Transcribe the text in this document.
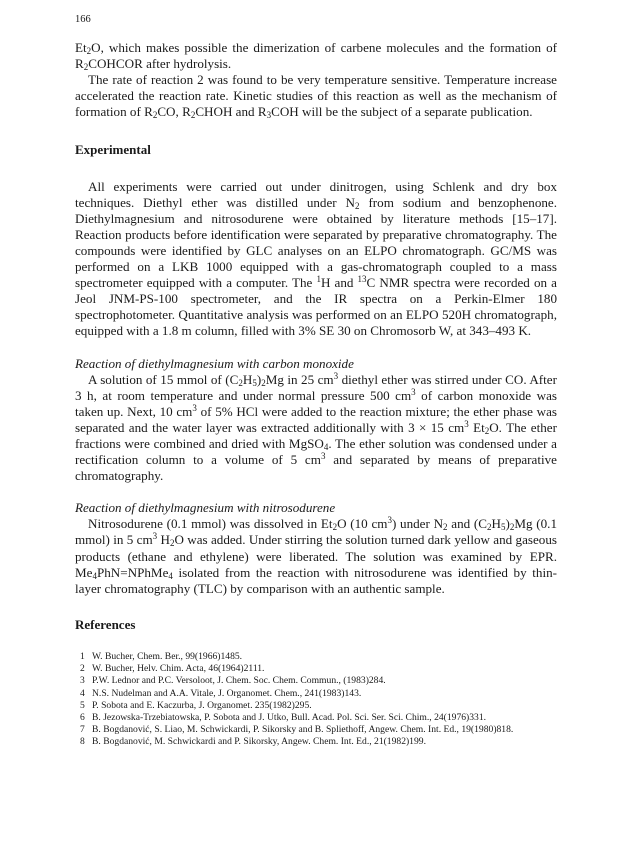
166

$Et_2O$, which makes possible the dimerization of carbene molecules and the formation of $R_2COHCOR$ after hydrolysis.

The rate of reaction 2 was found to be very temperature sensitive. Temperature increase accelerated the reaction rate. Kinetic studies of this reaction as well as the mechanism of formation of $R_2CO$, $R_2CHOH$ and $R_3COH$ will be the subject of a separate publication.

Experimental

All experiments were carried out under dinitrogen, using Schlenk and dry box techniques. Diethyl ether was distilled under $N_2$ from sodium and benzophenone. Diethylmagnesium and nitrosodurene were obtained by literature methods [15–17]. Reaction products before identification were separated by preparative chromatography. The compounds were identified by GLC analyses on an ELPO chromatograph. GC/MS was performed on a LKB 1000 equipped with a gas-chromatograph coupled to a mass spectrometer equipped with a computer. The $^1$H and $^{13}$C NMR spectra were recorded on a Jeol JNM-PS-100 spectrometer, and the IR spectra on a Perkin-Elmer 180 spectrophotometer. Quantitative analysis was performed on an ELPO 520H chromatograph, equipped with a 1.8 m column, filled with 3% SE 30 on Chromosorb W, at 343–493 K.

Reaction of diethylmagnesium with carbon monoxide

A solution of 15 mmol of $(C_2H_5)_2Mg$ in 25 $cm^3$ diethyl ether was stirred under CO. After 3 h, at room temperature and under normal pressure 500 $cm^3$ of carbon monoxide was taken up. Next, 10 $cm^3$ of 5% HCl were added to the reaction mixture; the ether phase was separated and the water layer was extracted additionally with 3 × 15 $cm^3$ $Et_2O$. The ether fractions were combined and dried with MgSO$_4$. The ether solution was condensed under a rectification column to a volume of 5 $cm^3$ and separated by means of preparative chromatography.

Reaction of diethylmagnesium with nitrosodurene

Nitrosodurene (0.1 mmol) was dissolved in $Et_2O$ (10 $cm^3$) under $N_2$ and $(C_2H_5)_2Mg$ (0.1 mmol) in 5 $cm^3$ $H_2O$ was added. Under stirring the solution turned dark yellow and gaseous products (ethane and ethylene) were liberated. The solution was examined by EPR. $Me_4PhN=NPhMe_4$ isolated from the reaction with nitrosodurene was identified by thin-layer chromatography (TLC) by comparison with an authentic sample.

References
1 W. Bucher, Chem. Ber., 99(1966)1485.
2 W. Bucher, Helv. Chim. Acta, 46(1964)2111.
3 P.W. Lednor and P.C. Versoloot, J. Chem. Soc. Chem. Commun., (1983)284.
4 N.S. Nudelman and A.A. Vitale, J. Organomet. Chem., 241(1983)143.
5 P. Sobota and E. Kaczurba, J. Organomet. 235(1982)295.
6 B. Jezowska-Trzebiatowska, P. Sobota and J. Utko, Bull. Acad. Pol. Sci. Ser. Sci. Chim., 24(1976)331.
7 B. Bogdanović, S. Liao, M. Schwickardi, P. Sikorsky and B. Spliethoff, Angew. Chem. Int. Ed., 19(1980)818.
8 B. Bogdanović, M. Schwickardi and P. Sikorsky, Angew. Chem. Int. Ed., 21(1982)199.
